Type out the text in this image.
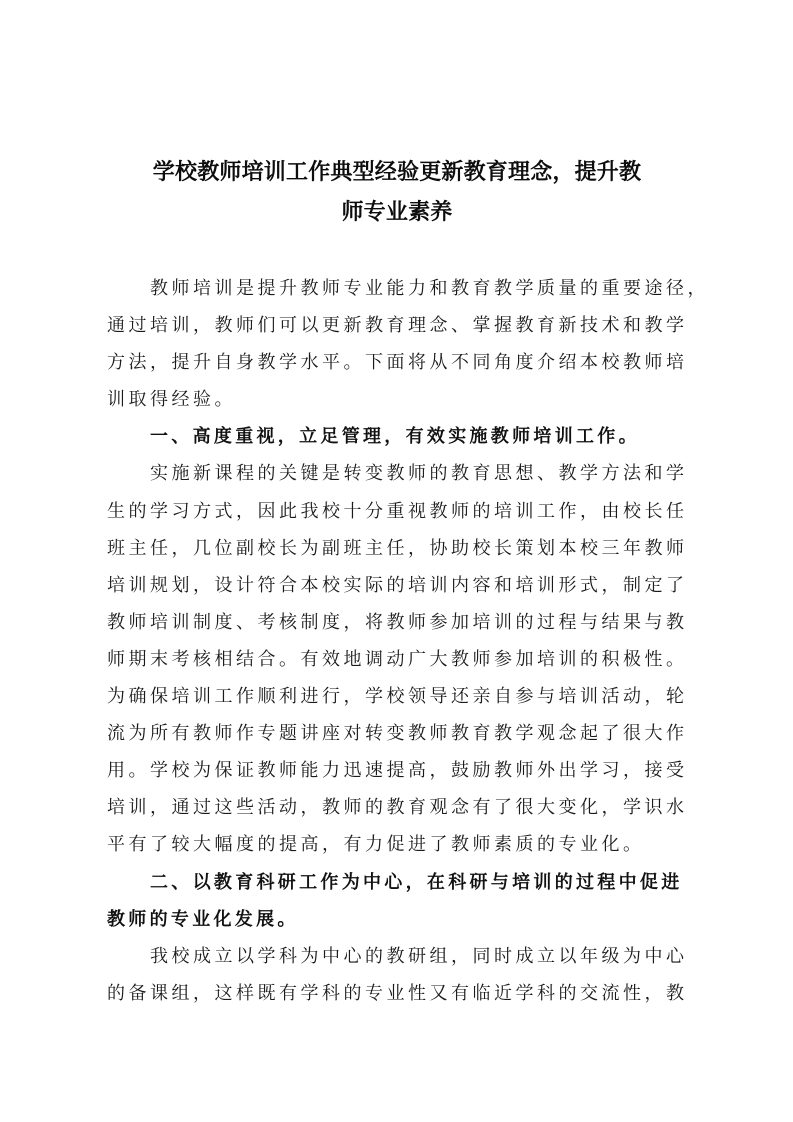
学校教师培训工作典型经验更新教育理念，提升教
师专业素养
教师培训是提升教师专业能力和教育教学质量的重要途径，
通过培训，教师们可以更新教育理念、掌握教育新技术和教学
方法，提升自身教学水平。下面将从不同角度介绍本校教师培
训取得经验。
一、高度重视，立足管理，有效实施教师培训工作。
实施新课程的关键是转变教师的教育思想、教学方法和学
生的学习方式，因此我校十分重视教师的培训工作，由校长任
班主任，几位副校长为副班主任，协助校长策划本校三年教师
培训规划，设计符合本校实际的培训内容和培训形式，制定了
教师培训制度、考核制度，将教师参加培训的过程与结果与教
师期末考核相结合。有效地调动广大教师参加培训的积极性。
为确保培训工作顺利进行，学校领导还亲自参与培训活动，轮
流为所有教师作专题讲座对转变教师教育教学观念起了很大作
用。学校为保证教师能力迅速提高，鼓励教师外出学习，接受
培训，通过这些活动，教师的教育观念有了很大变化，学识水
平有了较大幅度的提高，有力促进了教师素质的专业化。
二、以教育科研工作为中心，在科研与培训的过程中促进
教师的专业化发展。
我校成立以学科为中心的教研组，同时成立以年级为中心
的备课组，这样既有学科的专业性又有临近学科的交流性，教
